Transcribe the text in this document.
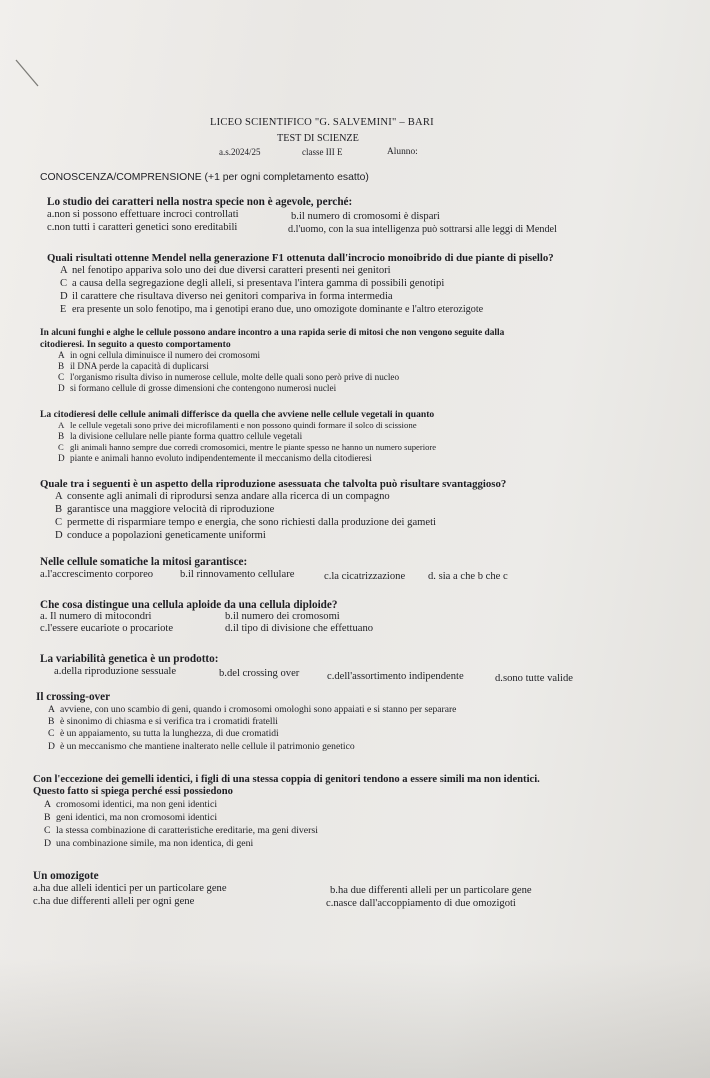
LICEO SCIENTIFICO "G. SALVEMINI" – BARI
TEST DI SCIENZE
a.s.2024/25	classe III E	Alunno:
CONOSCENZA/COMPRENSIONE (+1 per ogni completamento esatto)
Lo studio dei caratteri nella nostra specie non è agevole, perché:
a.non si possono effettuare incroci controllati	b.il numero di cromosomi è dispari
c.non tutti i caratteri genetici sono ereditabili	d.l'uomo, con la sua intelligenza può sottrarsi alle leggi di Mendel
Quali risultati ottenne Mendel nella generazione F1 ottenuta dall'incrocio monoibrido di due piante di pisello?
A nel fenotipo appariva solo uno dei due diversi caratteri presenti nei genitori
C a causa della segregazione degli alleli, si presentava l'intera gamma di possibili genotipi
D il carattere che risultava diverso nei genitori compariva in forma intermedia
E era presente un solo fenotipo, ma i genotipi erano due, uno omozigote dominante e l'altro eterozigote
In alcuni funghi e alghe le cellule possono andare incontro a una rapida serie di mitosi che non vengono seguite dalla
citodieresi. In seguito a questo comportamento
A in ogni cellula diminuisce il numero dei cromosomi
B il DNA perde la capacità di duplicarsi
C l'organismo risulta diviso in numerose cellule, molte delle quali sono però prive di nucleo
D si formano cellule di grosse dimensioni che contengono numerosi nuclei
La citodieresi delle cellule animali differisce da quella che avviene nelle cellule vegetali in quanto
A le cellule vegetali sono prive dei microfilamenti e non possono quindi formare il solco di scissione
B la divisione cellulare nelle piante forma quattro cellule vegetali
C gli animali hanno sempre due corredi cromosomici, mentre le piante spesso ne hanno un numero superiore
D piante e animali hanno evoluto indipendentemente il meccanismo della citodieresi
Quale tra i seguenti è un aspetto della riproduzione asessuata che talvolta può risultare svantaggioso?
A consente agli animali di riprodursi senza andare alla ricerca di un compagno
B garantisce una maggiore velocità di riproduzione
C permette di risparmiare tempo e energia, che sono richiesti dalla produzione dei gameti
D conduce a popolazioni geneticamente uniformi
Nelle cellule somatiche la mitosi garantisce:
a.l'accrescimento corporeo	b.il rinnovamento cellulare	c.la cicatrizzazione d. sia a che b che c
Che cosa distingue una cellula aploide da una cellula diploide?
a. Il numero di mitocondri	b.il numero dei cromosomi
c.l'essere eucariote o procariote	d.il tipo di divisione che effettuano
La variabilità genetica è un prodotto:
a.della riproduzione sessuale	b.del crossing over	c.dell'assortimento indipendente	d.sono tutte valide
Il crossing-over
A avviene, con uno scambio di geni, quando i cromosomi omologhi sono appaiati e si stanno per separare
B è sinonimo di chiasma e si verifica tra i cromatidi fratelli
C è un appaiamento, su tutta la lunghezza, di due cromatidi
D è un meccanismo che mantiene inalterato nelle cellule il patrimonio genetico
Con l'eccezione dei gemelli identici, i figli di una stessa coppia di genitori tendono a essere simili ma non identici.
Questo fatto si spiega perché essi possiedono
A cromosomi identici, ma non geni identici
B geni identici, ma non cromosomi identici
C la stessa combinazione di caratteristiche ereditarie, ma geni diversi
D una combinazione simile, ma non identica, di geni
Un omozigote
a.ha due alleli identici per un particolare gene	b.ha due differenti alleli per un particolare gene
c.ha due differenti alleli per ogni gene	c.nasce dall'accoppiamento di due omozigoti
